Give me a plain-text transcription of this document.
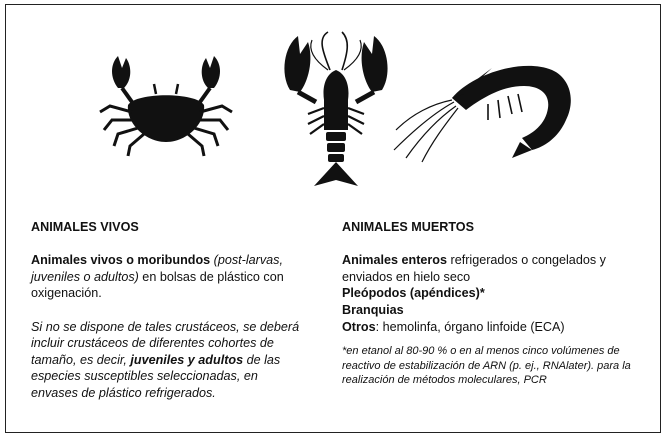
ANIMALES VIVOS

Animales vivos o moribundos (post-larvas, juveniles o adultos) en bolsas de plástico con oxigenación.

Si no se dispone de tales crustáceos, se deberá incluir crustáceos de diferentes cohortes de tamaño, es decir, juveniles y adultos de las especies susceptibles seleccionadas, en envases de plástico refrigerados.

ANIMALES MUERTOS

Animales enteros refrigerados o congelados y enviados en hielo seco

Pleópodos (apéndices)*

Branquias

Otros: hemolinfa, órgano linfoide (ECA)

*en etanol al 80-90 % o en al menos cinco volúmenes de reactivo de estabilización de ARN (p. ej., RNAlater). para la realización de métodos moleculares, PCR
